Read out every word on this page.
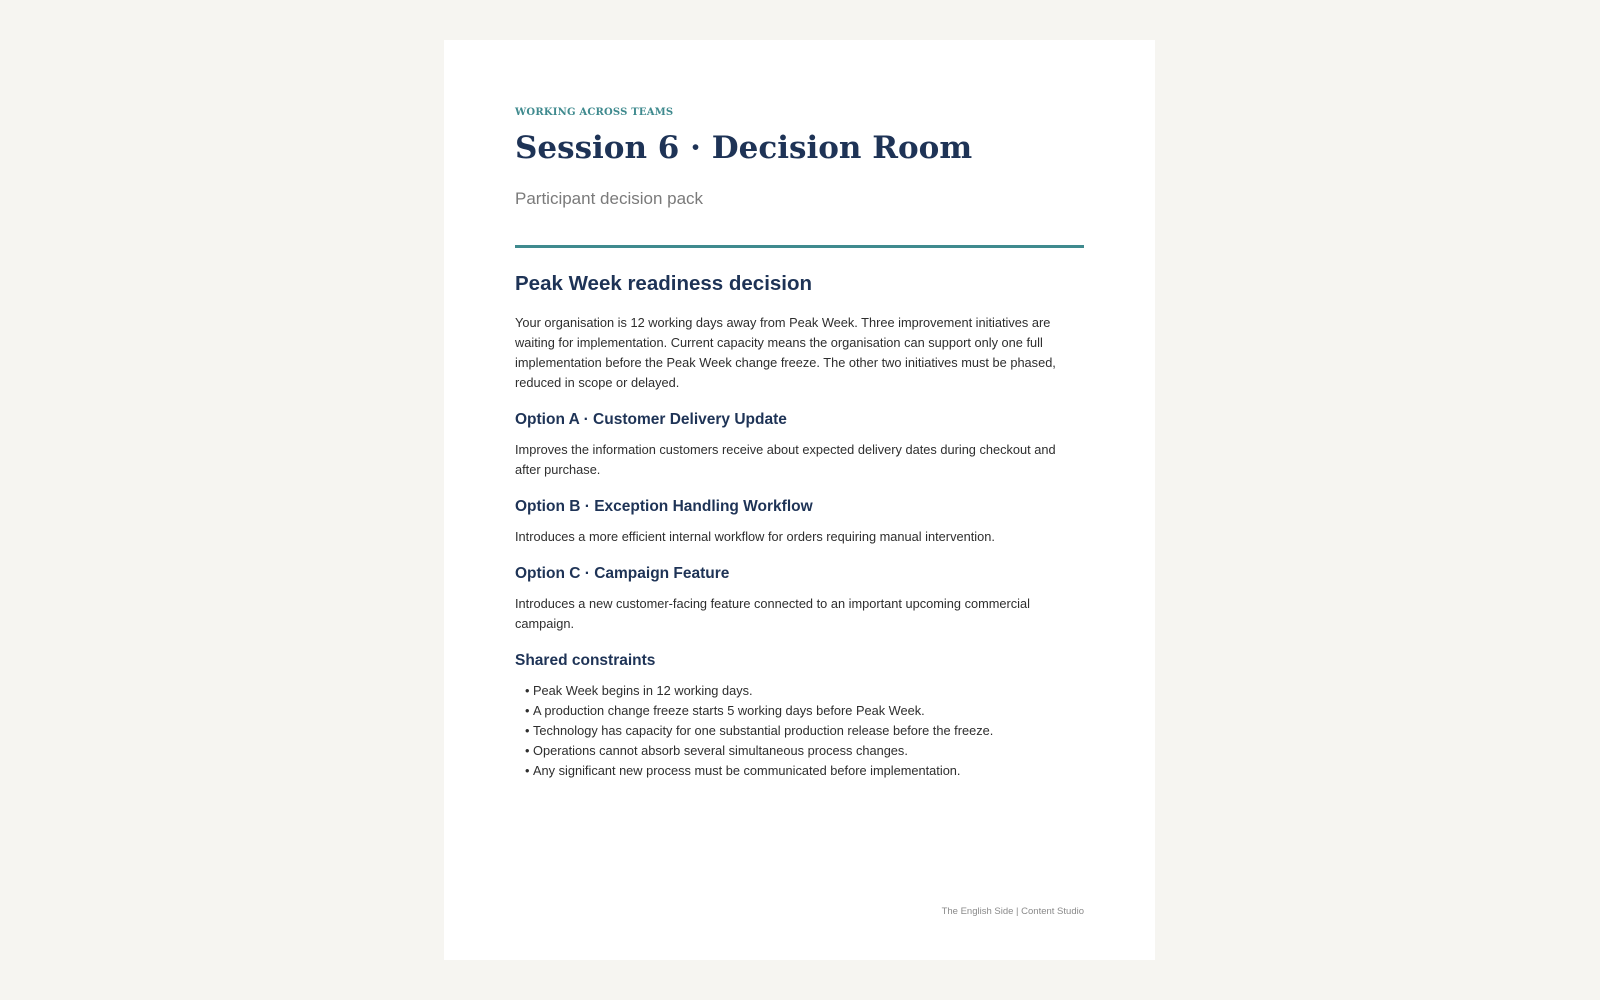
WORKING ACROSS TEAMS
Session 6 · Decision Room
Participant decision pack
Peak Week readiness decision

Your organisation is 12 working days away from Peak Week. Three improvement initiatives are waiting for implementation. Current capacity means the organisation can support only one full implementation before the Peak Week change freeze. The other two initiatives must be phased, reduced in scope or delayed.

Option A · Customer Delivery Update

Improves the information customers receive about expected delivery dates during checkout and after purchase.

Option B · Exception Handling Workflow

Introduces a more efficient internal workflow for orders requiring manual intervention.

Option C · Campaign Feature

Introduces a new customer-facing feature connected to an important upcoming commercial campaign.

Shared constraints
• Peak Week begins in 12 working days.
• A production change freeze starts 5 working days before Peak Week.
• Technology has capacity for one substantial production release before the freeze.
• Operations cannot absorb several simultaneous process changes.
• Any significant new process must be communicated before implementation.
The English Side | Content Studio
